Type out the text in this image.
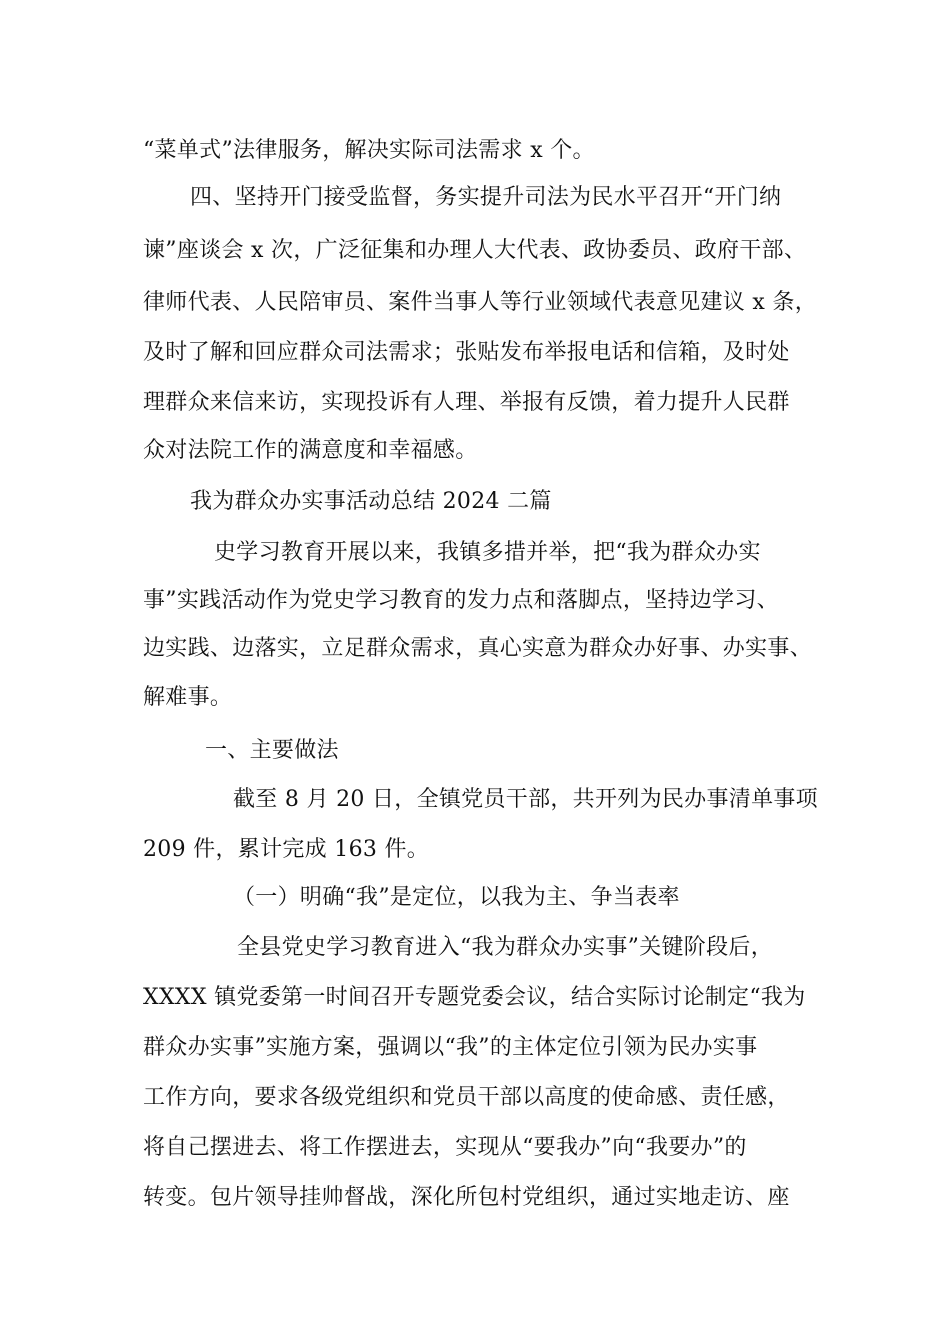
“菜单式”法律服务，解决实际司法需求 x 个。
四、坚持开门接受监督，务实提升司法为民水平召开“开门纳
谏”座谈会 x 次，广泛征集和办理人大代表、政协委员、政府干部、
律师代表、人民陪审员、案件当事人等行业领域代表意见建议 x 条，
及时了解和回应群众司法需求；张贴发布举报电话和信箱，及时处
理群众来信来访，实现投诉有人理、举报有反馈，着力提升人民群
众对法院工作的满意度和幸福感。
我为群众办实事活动总结 2024 二篇
史学习教育开展以来，我镇多措并举，把“我为群众办实
事”实践活动作为党史学习教育的发力点和落脚点，坚持边学习、
边实践、边落实，立足群众需求，真心实意为群众办好事、办实事、
解难事。
一、主要做法
截至 8 月 20 日，全镇党员干部，共开列为民办事清单事项
209 件，累计完成 163 件。
（一）明确“我”是定位，以我为主、争当表率
全县党史学习教育进入“我为群众办实事”关键阶段后，
XXXX 镇党委第一时间召开专题党委会议，结合实际讨论制定“我为
群众办实事”实施方案，强调以“我”的主体定位引领为民办实事
工作方向，要求各级党组织和党员干部以高度的使命感、责任感，
将自己摆进去、将工作摆进去，实现从“要我办”向“我要办”的
转变。包片领导挂帅督战，深化所包村党组织，通过实地走访、座
